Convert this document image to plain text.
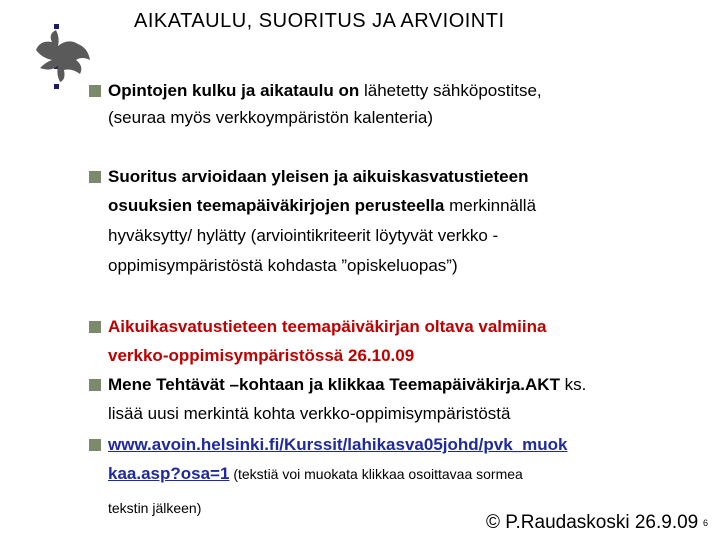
AIKATAULU, SUORITUS JA ARVIOINTI
Opintojen kulku ja aikataulu on lähetetty sähköpostitse,
(seuraa myös verkkoympäristön kalenteria)
Suoritus arvioidaan yleisen ja aikuiskasvatustieteen
osuuksien teemapäiväkirjojen perusteella merkinnällä
hyväksytty/ hylätty (arviointikriteerit löytyvät verkko -
oppimisympäristöstä kohdasta ”opiskeluopas”)
Aikuikasvatustieteen teemapäiväkirjan oltava valmiina
verkko-oppimisympäristössä 26.10.09
Mene Tehtävät –kohtaan ja klikkaa Teemapäiväkirja.AKT ks.
lisää uusi merkintä kohta verkko-oppimisympäristöstä
www.avoin.helsinki.fi/Kurssit/lahikasva05johd/pvk_muok
kaa.asp?osa=1 (tekstiä voi muokata klikkaa osoittavaa sormea
tekstin jälkeen)
© P.Raudaskoski 26.9.09 6
